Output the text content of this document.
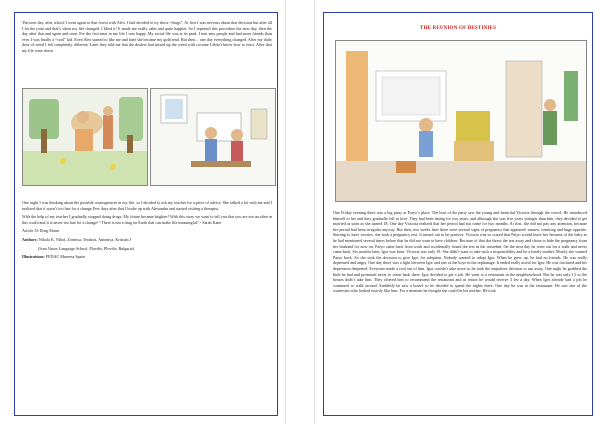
The next day, after school I went again to that forest with Alex. I had decided to try those “drugs”. At first I was nervous about that decision but after all I hit the joint and that’s when my life changed. I liked it! It made me really calm and quite happier. So I repeated this procedure the next day, then the day after that and again and soon. For the first time in my life I was happy. My social life was at its peak. I met new people and had more friends than ever. I was finally a “cool” kid. Even Alex started to like me and later she became my girlfriend. But then… one day everything changed. After my daily dose of weed I felt completely different. Later they told me that the dealers had mixed up the weed with cocaine I didn’t know how to react. After that my life went down.

One night I was thinking about the possible consequences in my life, so I decided to ask my teacher for a piece of advice. She talked a lot with me and I realized that it wasn’t too late for a change.Few days after that I broke up with Alexandra and started visiting a therapist.

With the help of my teacher I gradually stopped doing drugs. My future became brighter! With this story we want to tell you that you are not an alien in this world and it is never too late for a change! “There is not a drug on Earth that can make life meaningful” - Sarah Kane

Article 33 Drug Abuse

Authors: Nikola K, Nikol, Zornitsa, Teodora, Antoniya, Kristian J

(Ivan Vazov Language School, Plovdiv, Plovdiv, Bulgaria)

Illustrations: FEDAC Manresa Spain

THE REUNION OF DESTINIES

One Friday evening there was a big party at Patyo’s place. The host of the party saw the young and beautiful Victoria through the crowd. He introduced himself to her and they gradually fell in love. They had been dating for two years, and although she was five years younger than him, they decided to get married as soon as she turned 18. One day Victoria realized that her period had not come for two months. At first, she did not pay any attention, because her period had been irregular anyway. But then, two weeks later there were several signs of pregnancy that appeared: nausea, vomiting and huge appetite. Starting to have worries, she took a pregnancy test. It turned out to be positive. Victoria was so scared that Patyo would leave her because of the baby as he had mentioned several times before that he did not want to have children. Because of that she threw the test away and chose to hide the pregnancy from her husband for now on. Patyo came back from work and accidentally found the test in the wastebin. On the next day he went out for a walk and never came back. Six months later, Igor was born. Victoria was only 19. She didn’t want to take such a responsibility and be a lonely mother. Mostly she wanted Patyo back. So she took the decision to give Igor for adoption. Nobody wanted to adopt Igor. When he grew up, he had no friends. He was really depressed and angry. One day there was a fight between Igor and one of the boys in the orphanage. It ended really awful for Igor. He was fractured and his depression deepened. Everyone made a fool out of him. Igor couldn’t take more so he took the impulsive decision to run away. One night he grabbed the little he had and promised never to come back there. Igor decided to get a job. He went to a restaurant in the neighbourhood. But he was only 13 so the bosses didn’t take him. They offered him to recommend the restaurant and in return he would receive 3 lev a day. When Igor already had a job he continued to walk around. Suddenly he saw a hostel so he decided to spend the nights there. One day he was at the restaurant. He saw one of the waitresses who looked exactly like him. For a moment he thought she could be his mother. He took
